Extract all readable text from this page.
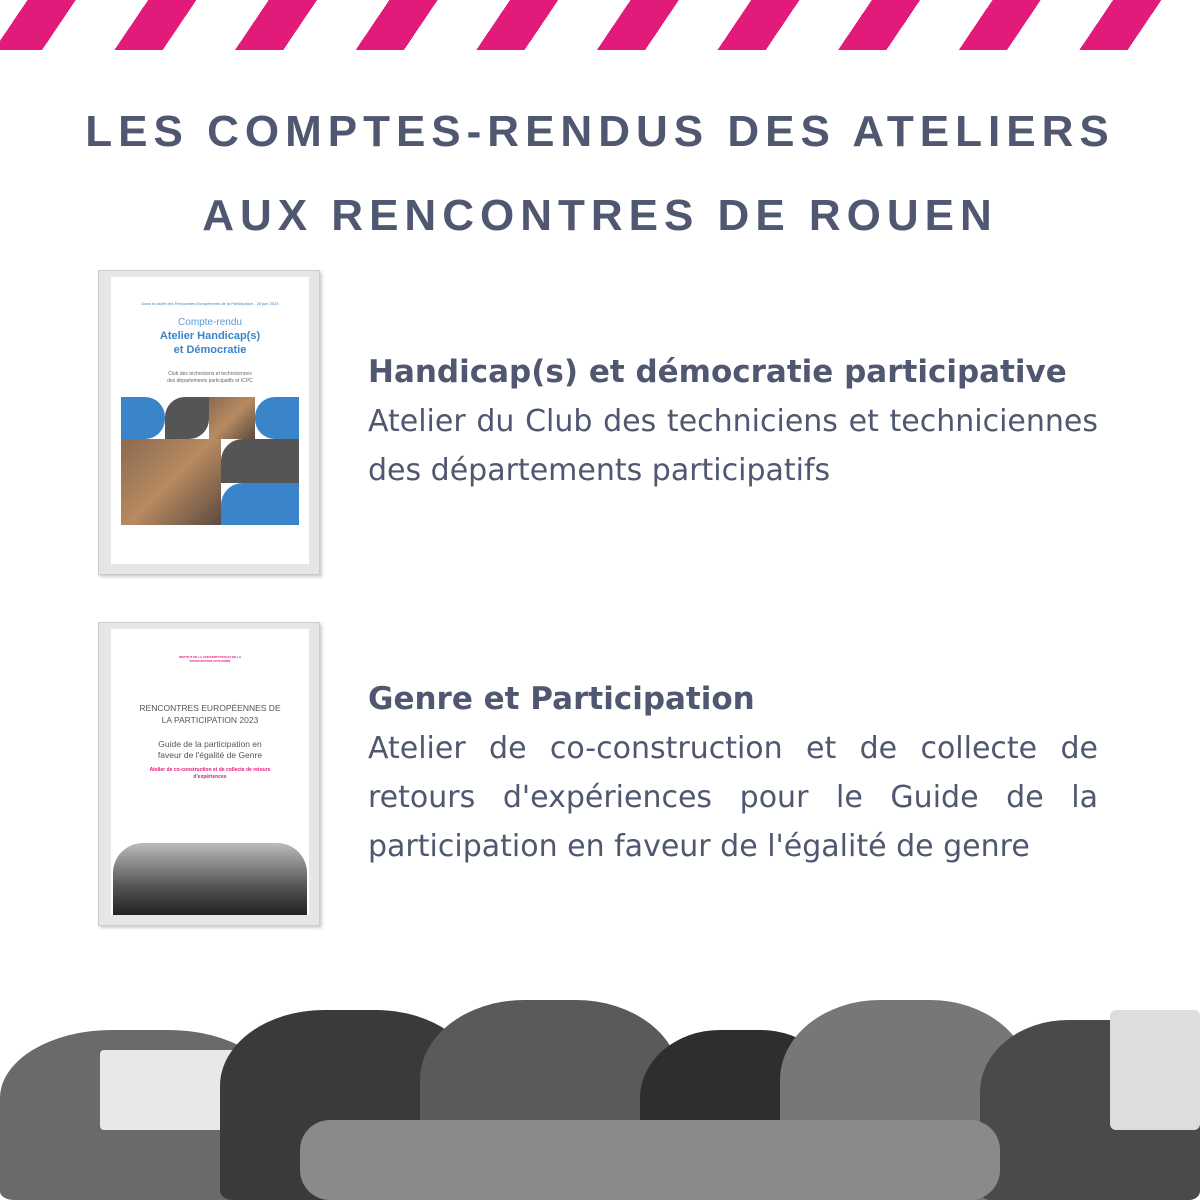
LES COMPTES-RENDUS DES ATELIERS
AUX RENCONTRES DE ROUEN
Dans le cadre des Rencontres Européennes de la Participation - 28 juin 2023
Compte-rendu
Atelier Handicap(s)
et Démocratie
Club des techniciens et techniciennes
des départements participatifs et ICPC	Handicap(s) et démocratie participative

Atelier du Club des techniciens et techniciennes des départements participatifs

INSTITUT DE LA CONCERTATION ET DE LA PARTICIPATION CITOYENNE
RENCONTRES EUROPÉENNES DE
LA PARTICIPATION 2023
Guide de la participation en
faveur de l'égalité de Genre
Atelier de co-construction et de collecte de retours
d'expériences
Genre et Participation

Atelier de co-construction et de collecte de retours d'expériences pour le Guide de la participation en faveur de l'égalité de genre
